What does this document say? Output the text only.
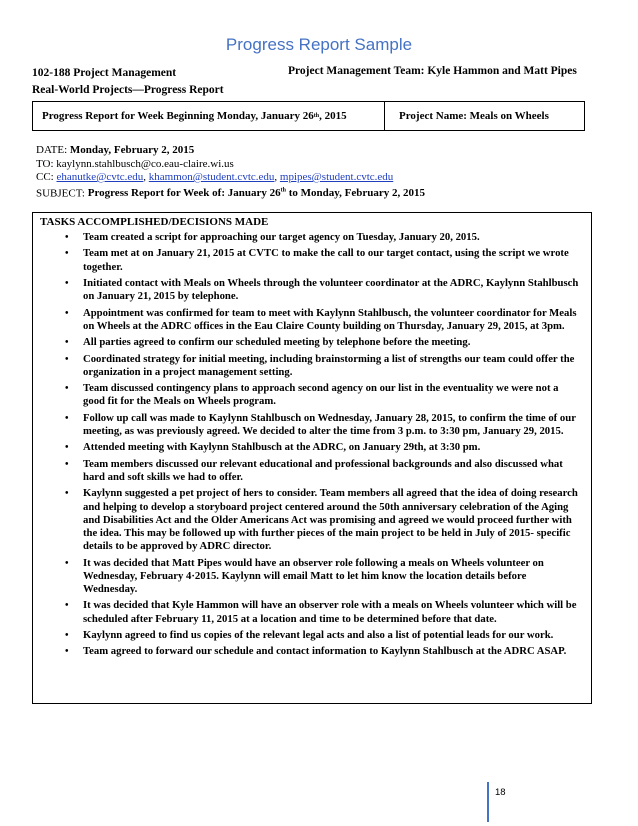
Progress Report Sample
102-188 Project Management
Real-World Projects—Progress Report
Project Management Team: Kyle Hammon and Matt Pipes
Progress Report for Week Beginning Monday, January 26 th , 2015	Project Name: Meals on Wheels
DATE: Monday, February 2, 2015
TO: kaylynn.stahlbusch@co.eau-claire.wi.us
CC: ehanutke@cvtc.edu, khammon@student.cvtc.edu, mpipes@student.cvtc.edu
SUBJECT: Progress Report for Week of: January 26th to Monday, February 2, 2015
TASKS ACCOMPLISHED/DECISIONS MADE
• Team created a script for approaching our target agency on Tuesday, January 20, 2015.
• Team met at on January 21, 2015 at CVTC to make the call to our target contact, using the script we wrote together.
• Initiated contact with Meals on Wheels through the volunteer coordinator at the ADRC, Kaylynn Stahlbusch on January 21, 2015 by telephone.
• Appointment was confirmed for team to meet with Kaylynn Stahlbusch, the volunteer coordinator for Meals on Wheels at the ADRC offices in the Eau Claire County building on Thursday, January 29, 2015, at 3pm.
• All parties agreed to confirm our scheduled meeting by telephone before the meeting.
• Coordinated strategy for initial meeting, including brainstorming a list of strengths our team could offer the organization in a project management setting.
• Team discussed contingency plans to approach second agency on our list in the eventuality we were not a good fit for the Meals on Wheels program.
• Follow up call was made to Kaylynn Stahlbusch on Wednesday, January 28, 2015, to confirm the time of our meeting, as was previously agreed. We decided to alter the time from 3 p.m. to 3:30 pm, January 29, 2015.
• Attended meeting with Kaylynn Stahlbusch at the ADRC, on January 29th, at 3:30 pm.
• Team members discussed our relevant educational and professional backgrounds and also discussed what hard and soft skills we had to offer.
• Kaylynn suggested a pet project of hers to consider. Team members all agreed that the idea of doing research and helping to develop a storyboard project centered around the 50th anniversary celebration of the Aging and Disabilities Act and the Older Americans Act was promising and agreed we would proceed further with the idea. This may be followed up with further pieces of the main project to be held in July of 2015- specific details to be approved by ADRC director.
• It was decided that Matt Pipes would have an observer role following a meals on Wheels volunteer on Wednesday, February 4·2015. Kaylynn will email Matt to let him know the location details before Wednesday.
• It was decided that Kyle Hammon will have an observer role with a meals on Wheels volunteer which will be scheduled after February 11, 2015 at a location and time to be determined before that date.
• Kaylynn agreed to find us copies of the relevant legal acts and also a list of potential leads for our work.
• Team agreed to forward our schedule and contact information to Kaylynn Stahlbusch at the ADRC ASAP.
18
